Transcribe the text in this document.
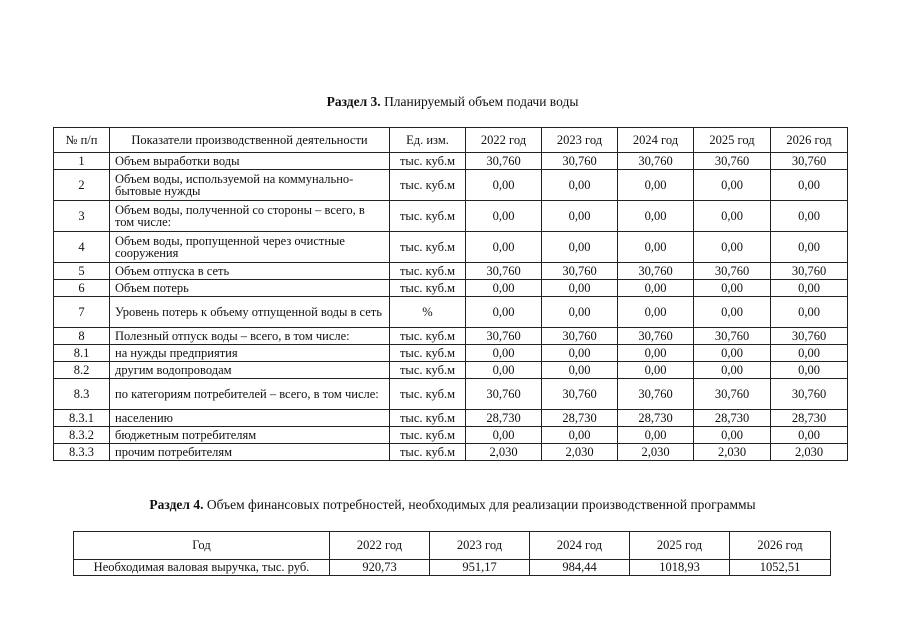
Раздел 3. Планируемый объем подачи воды
№ п/п	Показатели производственной деятельности	Ед. изм.	2022 год	2023 год	2024 год	2025 год	2026 год
1	Объем выработки воды	тыс. куб.м	30,760	30,760	30,760	30,760	30,760
2	Объем воды, используемой на коммунально-бытовые нужды	тыс. куб.м	0,00	0,00	0,00	0,00	0,00
3	Объем воды, полученной со стороны – всего, в том числе:	тыс. куб.м	0,00	0,00	0,00	0,00	0,00
4	Объем воды, пропущенной через очистные сооружения	тыс. куб.м	0,00	0,00	0,00	0,00	0,00
5	Объем отпуска в сеть	тыс. куб.м	30,760	30,760	30,760	30,760	30,760
6	Объем потерь	тыс. куб.м	0,00	0,00	0,00	0,00	0,00
7	Уровень потерь к объему отпущенной воды в сеть	%	0,00	0,00	0,00	0,00	0,00
8	Полезный отпуск воды – всего, в том числе:	тыс. куб.м	30,760	30,760	30,760	30,760	30,760
8.1	на нужды предприятия	тыс. куб.м	0,00	0,00	0,00	0,00	0,00
8.2	другим водопроводам	тыс. куб.м	0,00	0,00	0,00	0,00	0,00
8.3	по категориям потребителей – всего, в том числе:	тыс. куб.м	30,760	30,760	30,760	30,760	30,760
8.3.1	населению	тыс. куб.м	28,730	28,730	28,730	28,730	28,730
8.3.2	бюджетным потребителям	тыс. куб.м	0,00	0,00	0,00	0,00	0,00
8.3.3	прочим потребителям	тыс. куб.м	2,030	2,030	2,030	2,030	2,030
Раздел 4. Объем финансовых потребностей, необходимых для реализации производственной программы
Год	2022 год	2023 год	2024 год	2025 год	2026 год
Необходимая валовая выручка, тыс. руб.	920,73	951,17	984,44	1018,93	1052,51
